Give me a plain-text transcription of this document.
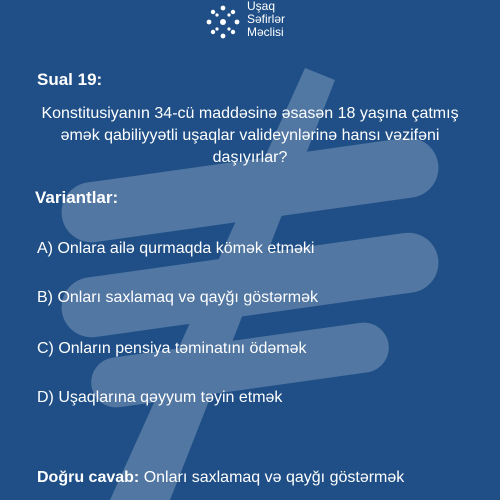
Uşaq
Səfirlər
Məclisi
Sual 19:
Konstitusiyanın 34-cü maddəsinə əsasən 18 yaşına çatmış
əmək qabiliyyətli uşaqlar valideynlərinə hansı vəzifəni
daşıyırlar?
Variantlar:
A) Onlara ailə qurmaqda kömək etməki
B) Onları saxlamaq və qayğı göstərmək
C) Onların pensiya təminatını ödəmək
D) Uşaqlarına qəyyum təyin etmək
Doğru cavab: Onları saxlamaq və qayğı göstərmək
